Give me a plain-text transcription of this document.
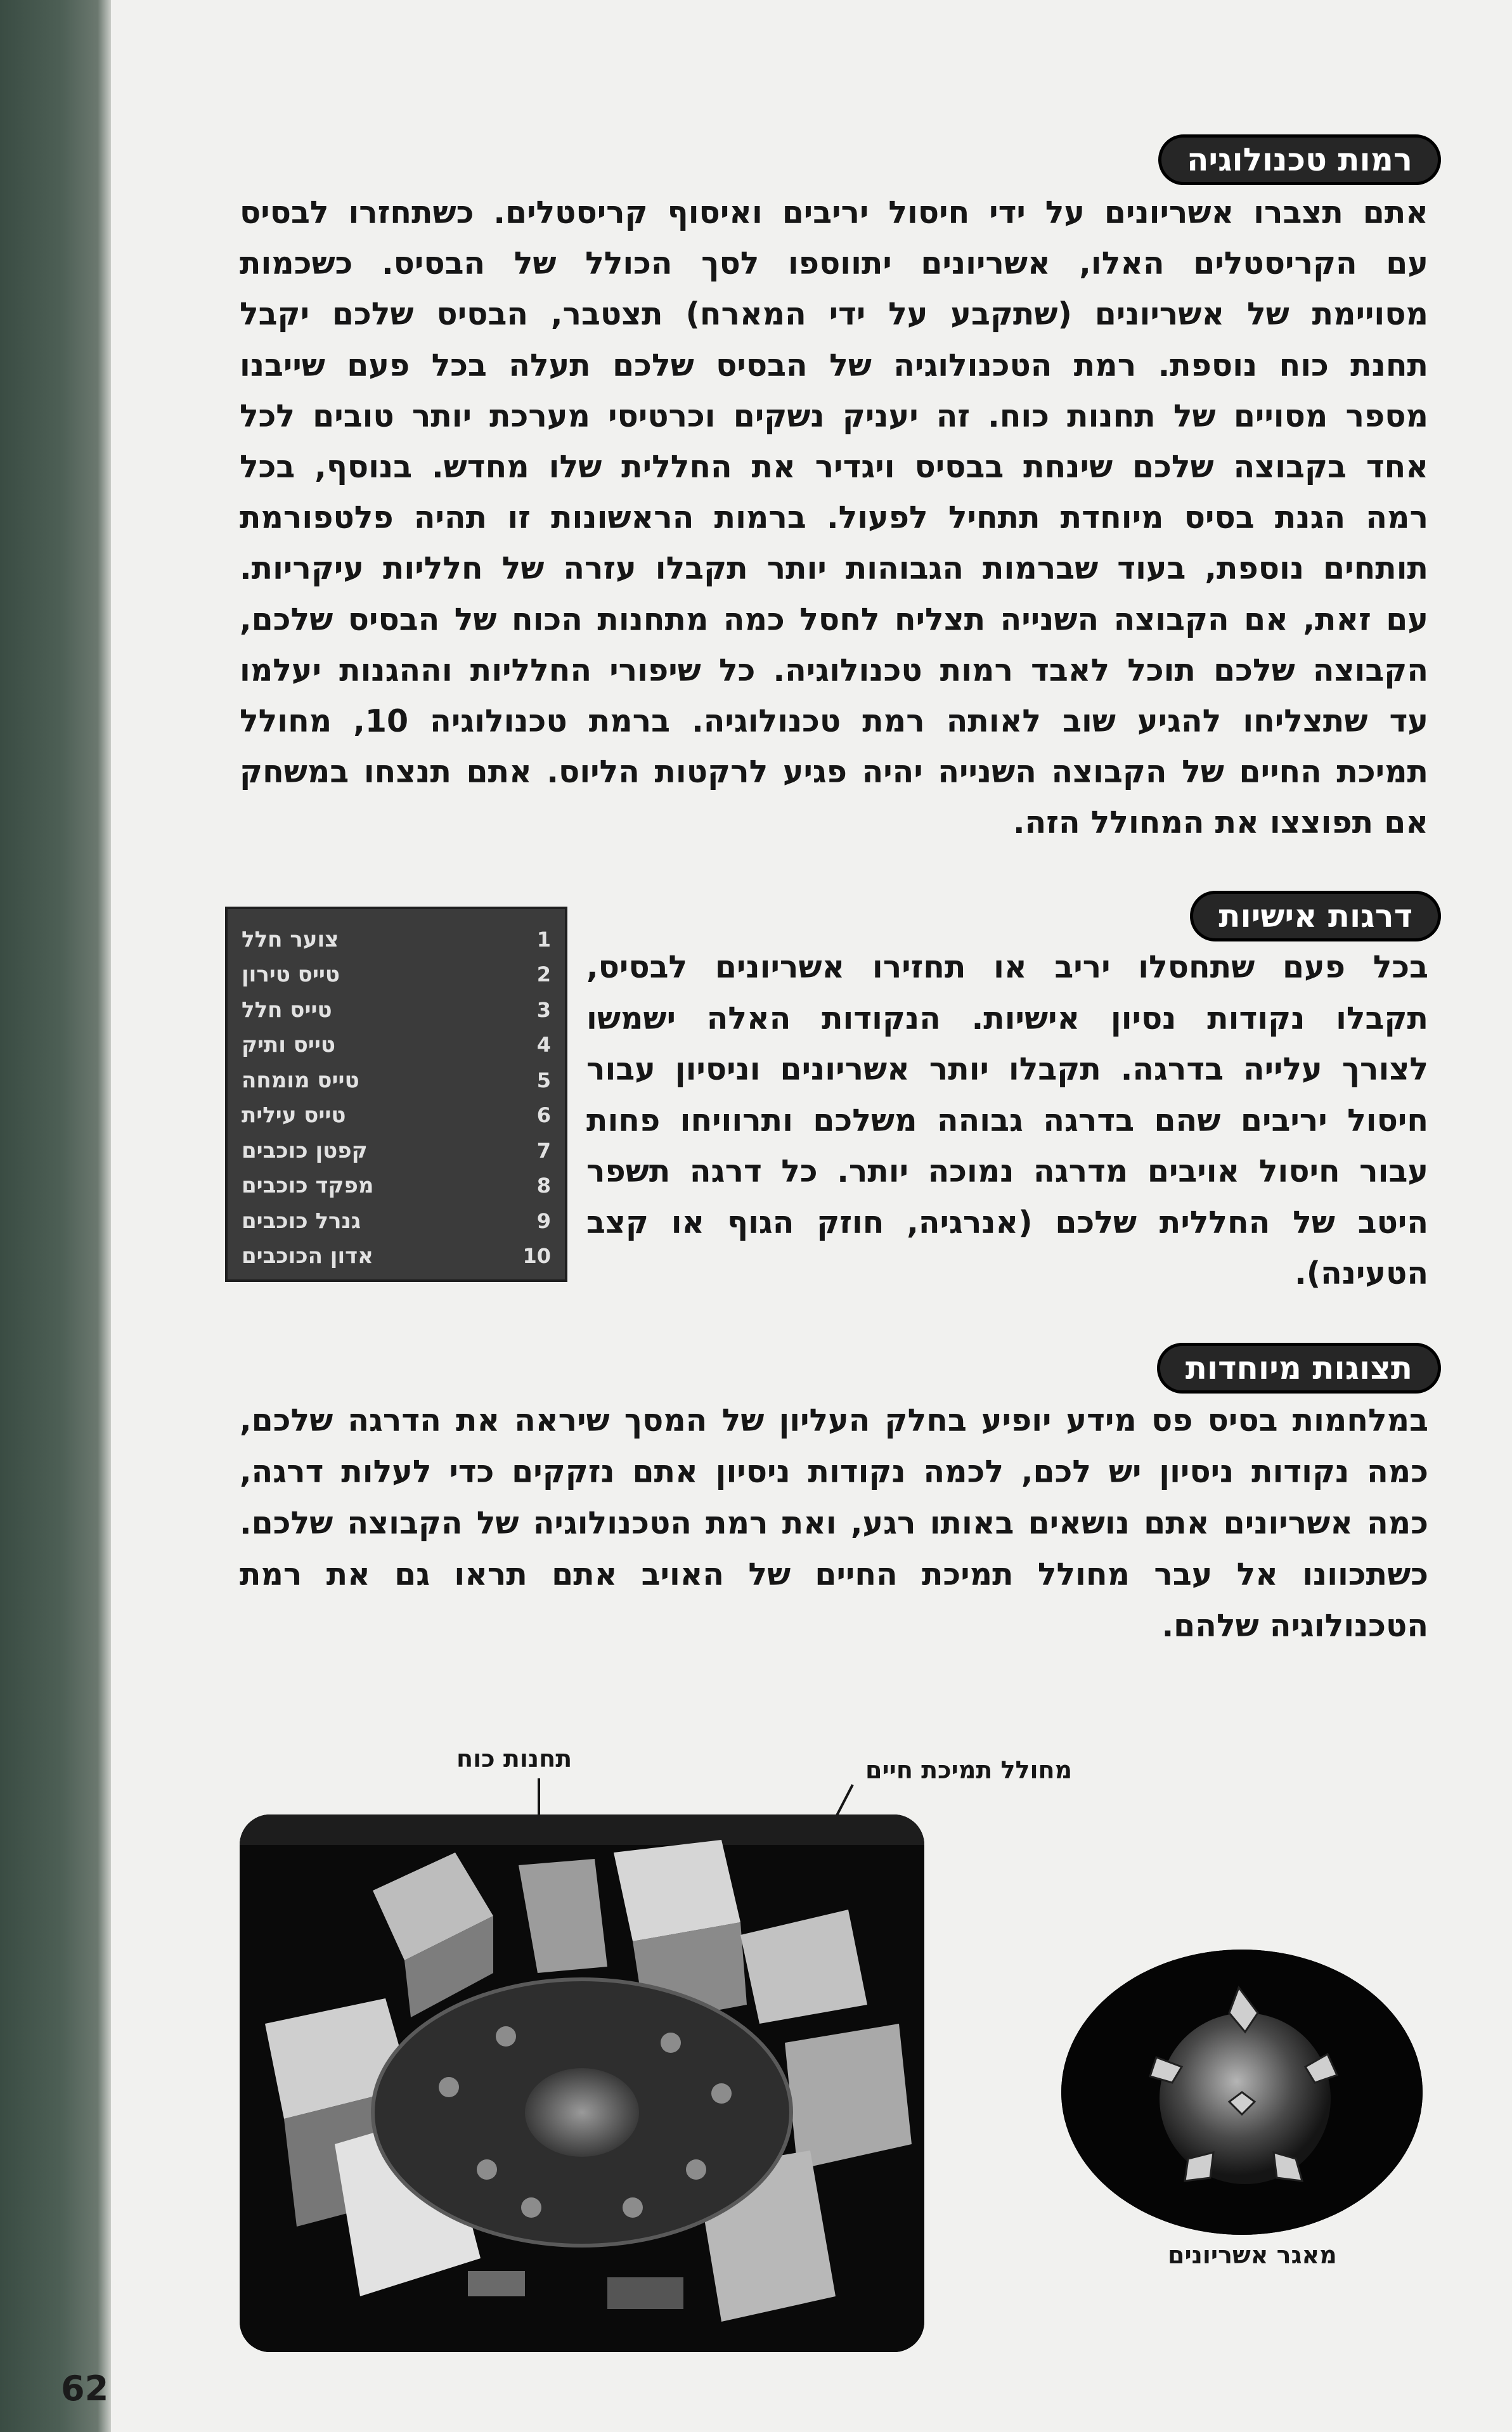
רמות טכנולוגיה

אתם תצברו אשריונים על ידי חיסול יריבים ואיסוף קריסטלים. כשתחזרו לבסיס

עם הקריסטלים האלו, אשריונים יתווספו לסך הכולל של הבסיס. כשכמות

מסויימת של אשריונים (שתקבע על ידי המארח) תצטבר, הבסיס שלכם יקבל

תחנת כוח נוספת. רמת הטכנולוגיה של הבסיס שלכם תעלה בכל פעם שייבנו

מספר מסויים של תחנות כוח. זה יעניק נשקים וכרטיסי מערכת יותר טובים לכל

אחד בקבוצה שלכם שינחת בבסיס ויגדיר את החללית שלו מחדש. בנוסף, בכל

רמה הגנת בסיס מיוחדת תתחיל לפעול. ברמות הראשונות זו תהיה פלטפורמת

תותחים נוספת, בעוד שברמות הגבוהות יותר תקבלו עזרה של חלליות עיקריות.

עם זאת, אם הקבוצה השנייה תצליח לחסל כמה מתחנות הכוח של הבסיס שלכם,

הקבוצה שלכם תוכל לאבד רמות טכנולוגיה. כל שיפורי החלליות וההגנות יעלמו

עד שתצליחו להגיע שוב לאותה רמת טכנולוגיה. ברמת טכנולוגיה 10, מחולל

תמיכת החיים של הקבוצה השנייה יהיה פגיע לרקטות הליוס. אתם תנצחו במשחק

אם תפוצצו את המחולל הזה.

דרגות אישיות
צוער חלל	1
טייס טירון	2
טייס חלל	3
טייס ותיק	4
טייס מומחה	5
טייס עילית	6
קפטן כוכבים	7
מפקד כוכבים	8
גנרל כוכבים	9
אדון הכוכבים	10

בכל פעם שתחסלו יריב או תחזירו אשריונים לבסיס,

תקבלו נקודות נסיון אישיות. הנקודות האלה ישמשו

לצורך עלייה בדרגה. תקבלו יותר אשריונים וניסיון עבור

חיסול יריבים שהם בדרגה גבוהה משלכם ותרוויחו פחות

עבור חיסול אויבים מדרגה נמוכה יותר. כל דרגה תשפר

היטב של החללית שלכם (אנרגיה, חוזק הגוף או קצב

הטעינה).

תצוגות מיוחדות

במלחמות בסיס פס מידע יופיע בחלק העליון של המסך שיראה את הדרגה שלכם,

כמה נקודות ניסיון יש לכם, לכמה נקודות ניסיון אתם נזקקים כדי לעלות דרגה,

כמה אשריונים אתם נושאים באותו רגע, ואת רמת הטכנולוגיה של הקבוצה שלכם.

כשתכוונו אל עבר מחולל תמיכת החיים של האויב אתם תראו גם את רמת

הטכנולוגיה שלהם.

תחנות כוח	מחולל תמיכת חיים
מאגר אשריונים
62
